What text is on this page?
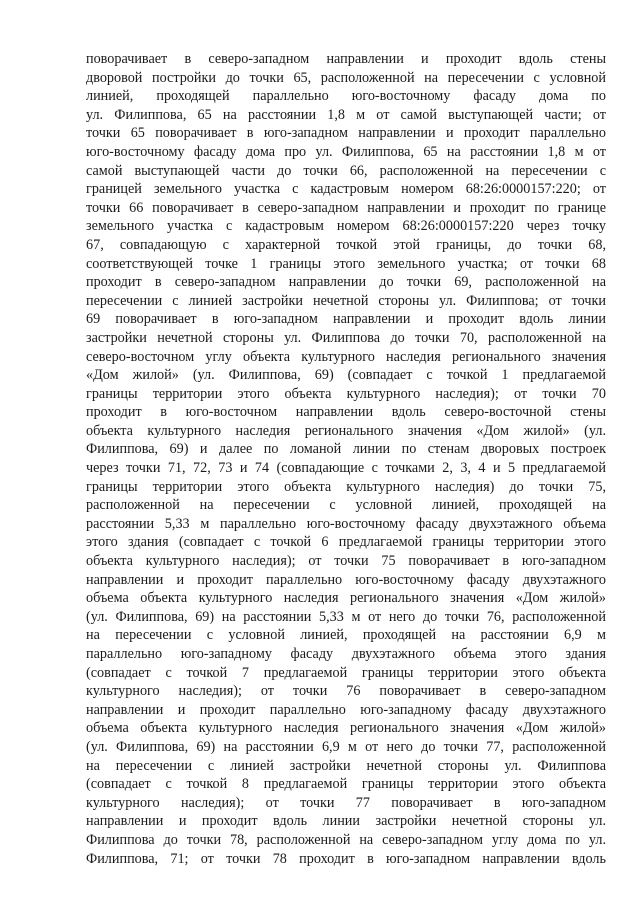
поворачивает в северо-западном направлении и проходит вдоль стены
дворовой постройки до точки 65, расположенной на пересечении с условной
линией, проходящей параллельно юго-восточному фасаду дома по
ул. Филиппова, 65 на расстоянии 1,8 м от самой выступающей части; от
точки 65 поворачивает в юго-западном направлении и проходит параллельно
юго-восточному фасаду дома про ул. Филиппова, 65 на расстоянии 1,8 м от
самой выступающей части до точки 66, расположенной на пересечении с
границей земельного участка с кадастровым номером 68:26:0000157:220; от
точки 66 поворачивает в северо-западном направлении и проходит по границе
земельного участка с кадастровым номером 68:26:0000157:220 через точку
67, совпадающую с характерной точкой этой границы, до точки 68,
соответствующей точке 1 границы этого земельного участка; от точки 68
проходит в северо-западном направлении до точки 69, расположенной на
пересечении с линией застройки нечетной стороны ул. Филиппова; от точки
69 поворачивает в юго-западном направлении и проходит вдоль линии
застройки нечетной стороны ул. Филиппова до точки 70, расположенной на
северо-восточном углу объекта культурного наследия регионального значения
«Дом жилой» (ул. Филиппова, 69) (совпадает с точкой 1 предлагаемой
границы территории этого объекта культурного наследия); от точки 70
проходит в юго-восточном направлении вдоль северо-восточной стены
объекта культурного наследия регионального значения «Дом жилой» (ул.
Филиппова, 69) и далее по ломаной линии по стенам дворовых построек
через точки 71, 72, 73 и 74 (совпадающие с точками 2, 3, 4 и 5 предлагаемой
границы территории этого объекта культурного наследия) до точки 75,
расположенной на пересечении с условной линией, проходящей на
расстоянии 5,33 м параллельно юго-восточному фасаду двухэтажного объема
этого здания (совпадает с точкой 6 предлагаемой границы территории этого
объекта культурного наследия); от точки 75 поворачивает в юго-западном
направлении и проходит параллельно юго-восточному фасаду двухэтажного
объема объекта культурного наследия регионального значения «Дом жилой»
(ул. Филиппова, 69) на расстоянии 5,33 м от него до точки 76, расположенной
на пересечении с условной линией, проходящей на расстоянии 6,9 м
параллельно юго-западному фасаду двухэтажного объема этого здания
(совпадает с точкой 7 предлагаемой границы территории этого объекта
культурного наследия); от точки 76 поворачивает в северо-западном
направлении и проходит параллельно юго-западному фасаду двухэтажного
объема объекта культурного наследия регионального значения «Дом жилой»
(ул. Филиппова, 69) на расстоянии 6,9 м от него до точки 77, расположенной
на пересечении с линией застройки нечетной стороны ул. Филиппова
(совпадает с точкой 8 предлагаемой границы территории этого объекта
культурного наследия); от точки 77 поворачивает в юго-западном
направлении и проходит вдоль линии застройки нечетной стороны ул.
Филиппова до точки 78, расположенной на северо-западном углу дома по ул.
Филиппова, 71; от точки 78 проходит в юго-западном направлении вдоль
